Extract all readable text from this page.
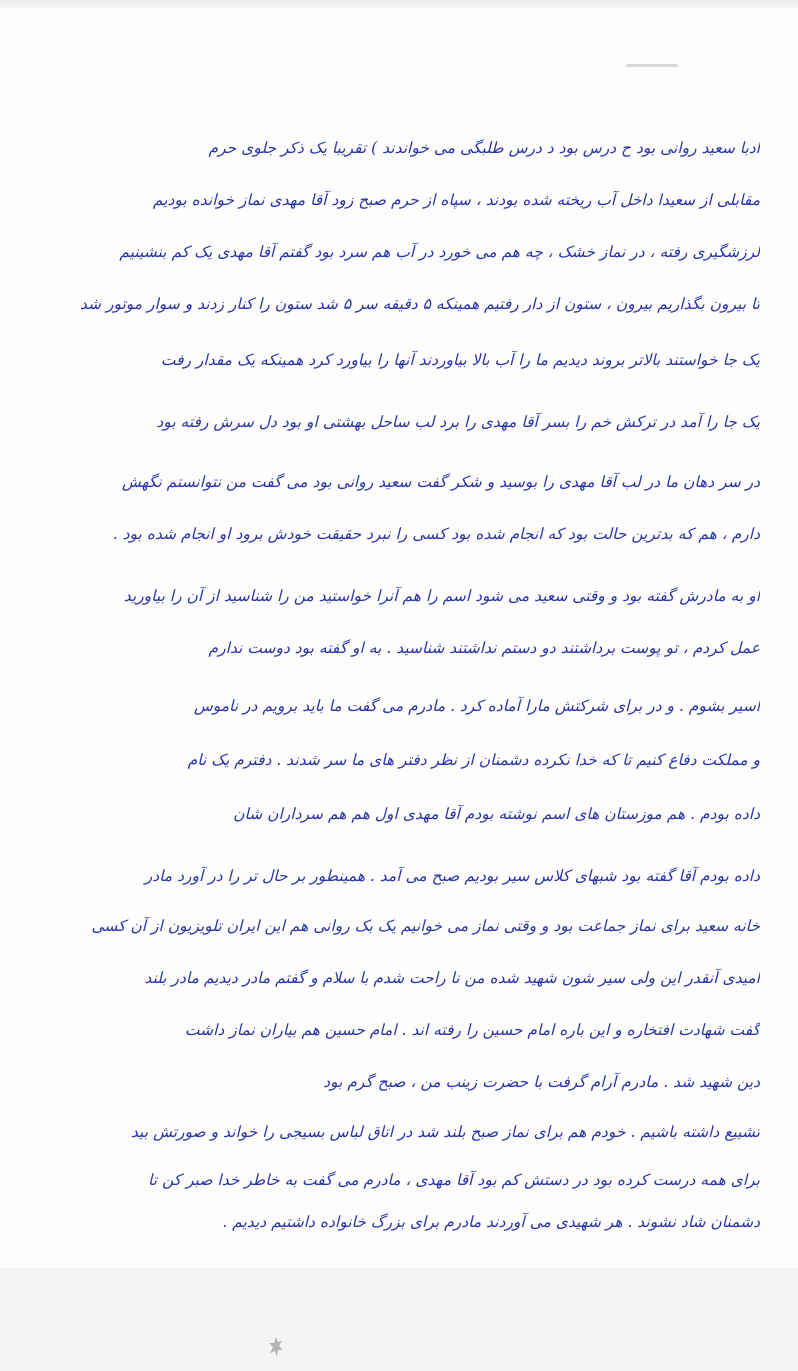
ادبا سعید روانی بود ح درس بود د درس طلبگی می خواندند ) تقریبا یک ذکر جلوی حرم
مقابلی از سعیدا داخل آب ریخته شده بودند ، سپاه از حرم صبح زود آقا مهدی نماز خوانده بودیم
لرزشگیری رفته ، در نماز خشک ، چه هم می خورد در آب هم سرد بود گفتم آقا مهدی یک کم بنشینیم
تا بیرون بگذاریم بیرون ، ستون از دار رفتیم همینکه ۵ دقیقه سر ۵ شد ستون را کنار زدند و سوار موتور شد
یک جا خواستند بالاتر بروند دیدیم ما را آب بالا بیاوردند آنها را بیاورد کرد همینکه یک مقدار رفت
یک جا را آمد در ترکش خم را بسر آقا مهدی را برد لب ساحل بهشتی او بود دل سرش رفته بود
در سر دهان ما در لب آقا مهدی را بوسید و شکر گفت سعید روانی بود می گفت من نتوانستم نگهش
دارم ، هم که بدترین حالت بود که انجام شده بود کسی را نبرد حقیقت خودش برود او انجام شده بود .
او به مادرش گفته بود و وقتی سعید می شود اسم را هم آنرا خواستید من را شناسید از آن را بیاورید
عمل کردم ، تو پوست برداشتند دو دستم نداشتند شناسید . به او گفته بود دوست ندارم
اسیر بشوم . و در برای شرکتش مارا آماده کرد . مادرم می گفت ما باید برویم در ناموس
و مملکت دفاع کنیم تا که خدا نکرده دشمنان از نظر دفتر های ما سر شدند . دفترم یک نام
داده بودم . هم موزستان های اسم نوشته بودم آقا مهدی اول هم هم سرداران شان
داده بودم آقا گفته بود شبهای کلاس سیر بودیم صبح می آمد . همینطور بر حال تر را در آورد مادر
خانه سعید برای نماز جماعت بود و وقتی نماز می خوانیم یک بک روانی هم این ایران تلویزیون از آن کسی
امیدی آنقدر این ولی سیر شون شهید شده من نا راحت شدم با سلام و گفتم مادر دیدیم مادر بلند
گفت شهادت افتخاره و این باره امام حسین را رفته اند . امام حسین هم بیاران نماز داشت
دین شهید شد . مادرم آرام گرفت با حضرت زینب من ، صبح گرم بود
تشییع داشته باشیم . خودم هم برای نماز صبح بلند شد در اتاق لباس بسیجی را خواند و صورتش بید
برای همه درست کرده بود در دستش کم بود آقا مهدی ، مادرم می گفت به خاطر خدا صبر کن تا
دشمنان شاد نشوند . هر شهیدی می آوردند مادرم برای بزرگ خانواده داشتیم دیدیم .
